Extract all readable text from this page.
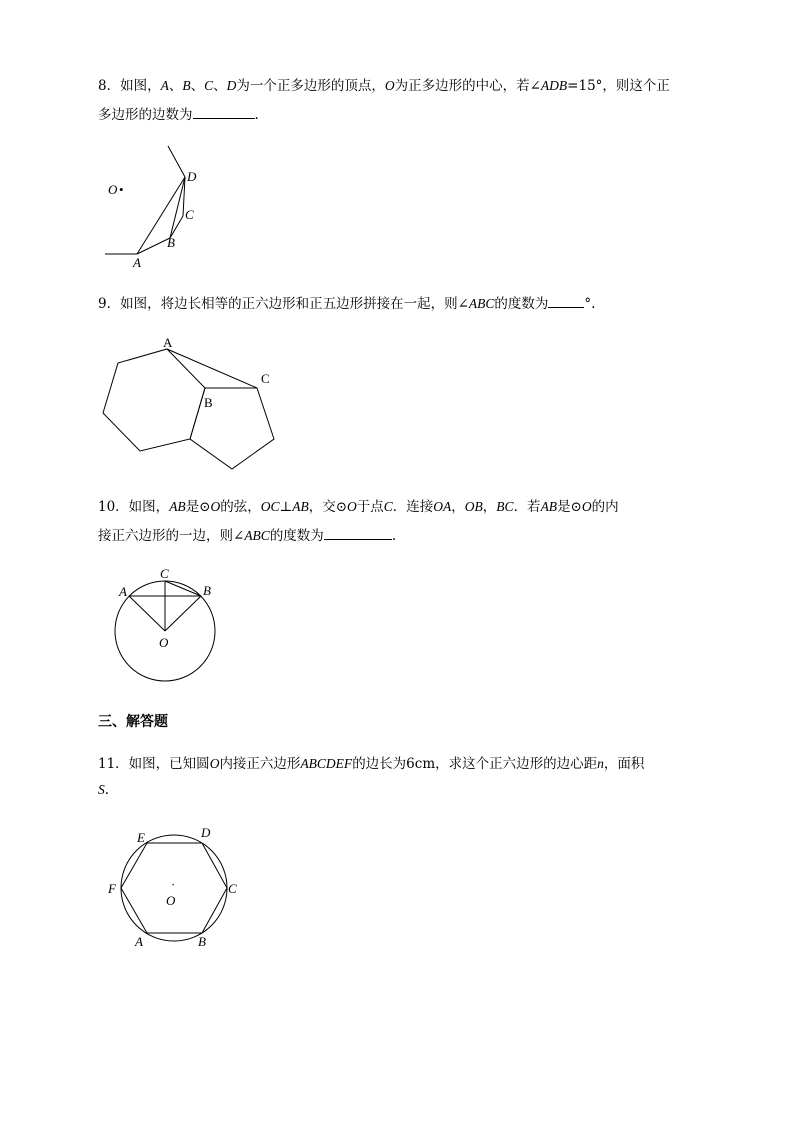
8．如图，A、B、C、D为一个正多边形的顶点，O为正多边形的中心，若∠ADB=15°，则这个正

多边形的边数为	.

O •
D
C
B
A

9．如图，将边长相等的正六边形和正五边形拼接在一起，则∠ABC的度数为	°.

A
B
C

10．如图，AB是⊙O的弦，OC⊥AB，交⊙O于点C．连接OA，OB，BC．若AB是⊙O的内

接正六边形的一边，则∠ABC的度数为	.

C
A	B
O
三、解答题

11．如图，已知圆O内接正六边形ABCDEF的边长为6cm，求这个正六边形的边心距n，面积

S.

E	D
F	C
·
O
A	B
